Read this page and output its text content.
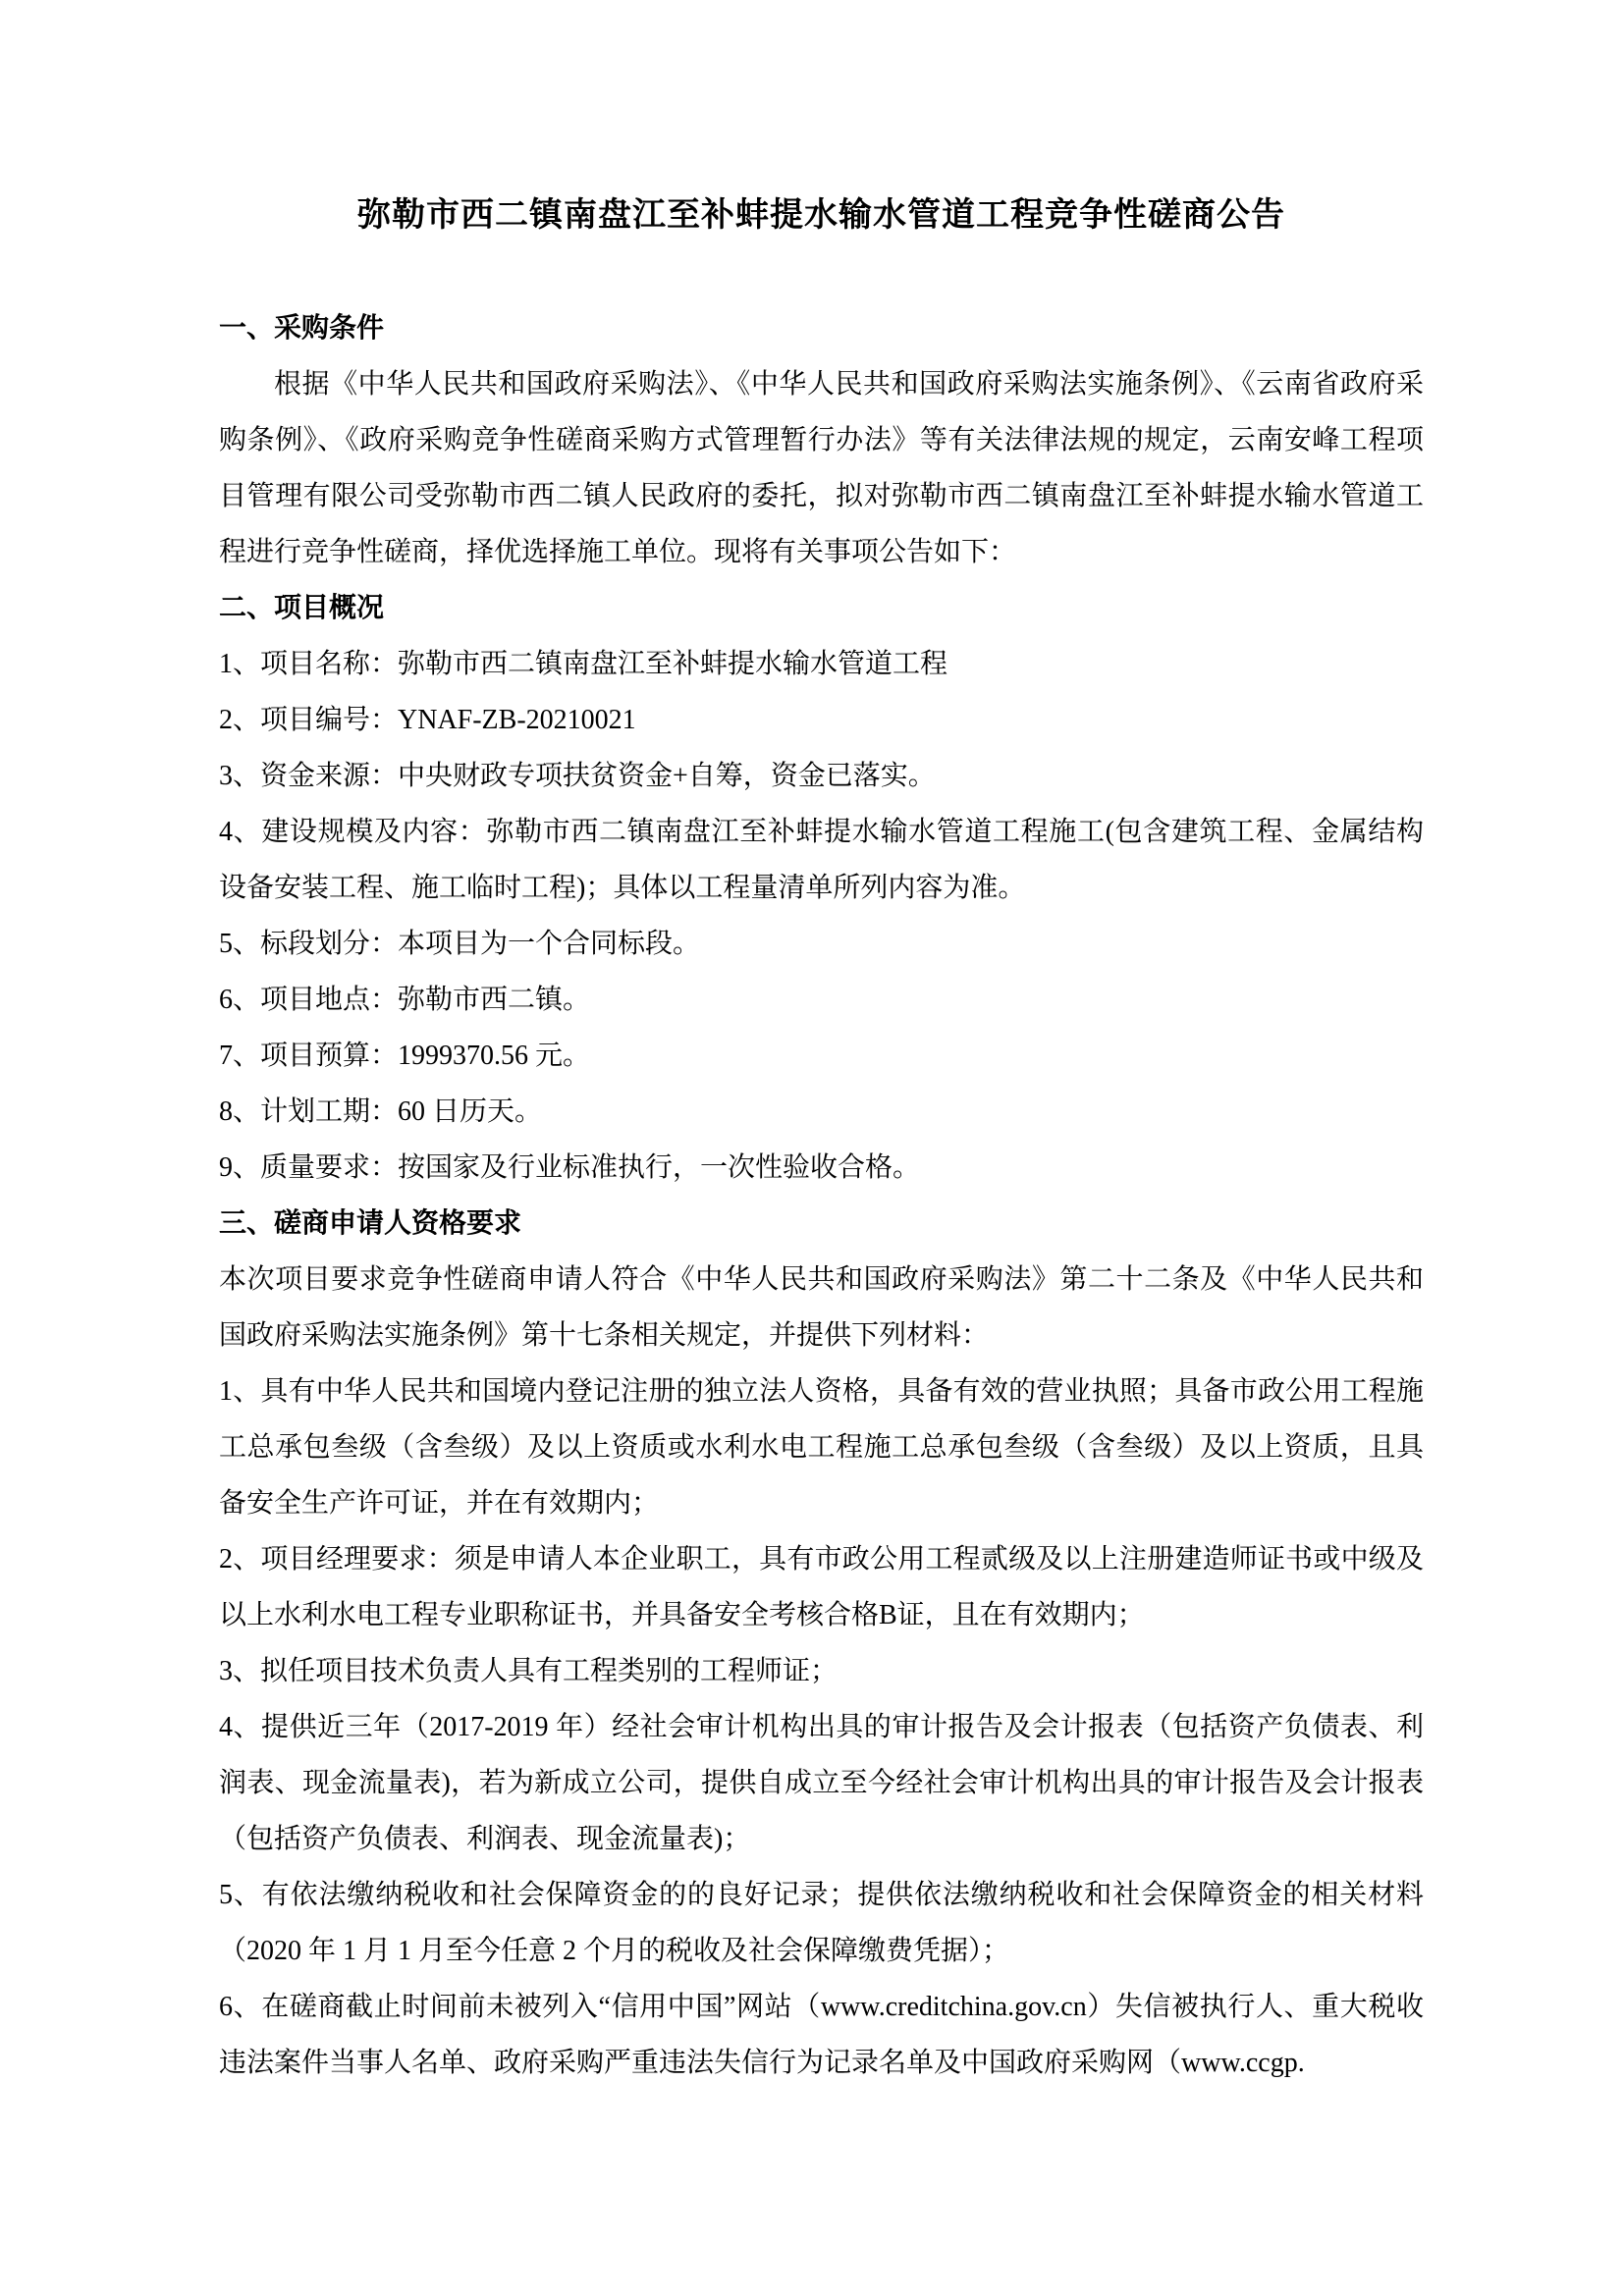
弥勒市西二镇南盘江至补蚌提水输水管道工程竞争性磋商公告
一、采购条件

根据《中华人民共和国政府采购法》、《中华人民共和国政府采购法实施条例》、《云南省政府采购条例》、《政府采购竞争性磋商采购方式管理暂行办法》等有关法律法规的规定，云南安峰工程项目管理有限公司受弥勒市西二镇人民政府的委托，拟对弥勒市西二镇南盘江至补蚌提水输水管道工程进行竞争性磋商，择优选择施工单位。现将有关事项公告如下：

二、项目概况

1、项目名称：弥勒市西二镇南盘江至补蚌提水输水管道工程

2、项目编号：YNAF-ZB-20210021

3、资金来源：中央财政专项扶贫资金+自筹，资金已落实。

4、建设规模及内容：弥勒市西二镇南盘江至补蚌提水输水管道工程施工(包含建筑工程、金属结构设备安装工程、施工临时工程)；具体以工程量清单所列内容为准。

5、标段划分：本项目为一个合同标段。

6、项目地点：弥勒市西二镇。

7、项目预算：1999370.56 元。

8、计划工期：60 日历天。

9、质量要求：按国家及行业标准执行，一次性验收合格。

三、磋商申请人资格要求

本次项目要求竞争性磋商申请人符合《中华人民共和国政府采购法》第二十二条及《中华人民共和国政府采购法实施条例》第十七条相关规定，并提供下列材料：

1、具有中华人民共和国境内登记注册的独立法人资格，具备有效的营业执照；具备市政公用工程施工总承包叁级（含叁级）及以上资质或水利水电工程施工总承包叁级（含叁级）及以上资质，且具备安全生产许可证，并在有效期内；

2、项目经理要求：须是申请人本企业职工，具有市政公用工程贰级及以上注册建造师证书或中级及以上水利水电工程专业职称证书，并具备安全考核合格B证，且在有效期内；

3、拟任项目技术负责人具有工程类别的工程师证；

4、提供近三年（2017-2019 年）经社会审计机构出具的审计报告及会计报表（包括资产负债表、利润表、现金流量表)，若为新成立公司，提供自成立至今经社会审计机构出具的审计报告及会计报表（包括资产负债表、利润表、现金流量表)；

5、有依法缴纳税收和社会保障资金的的良好记录；提供依法缴纳税收和社会保障资金的相关材料（2020 年 1 月 1 月至今任意 2 个月的税收及社会保障缴费凭据）；

6、在磋商截止时间前未被列入“信用中国”网站（www.creditchina.gov.cn）失信被执行人、重大税收违法案件当事人名单、政府采购严重违法失信行为记录名单及中国政府采购网（www.ccgp.
